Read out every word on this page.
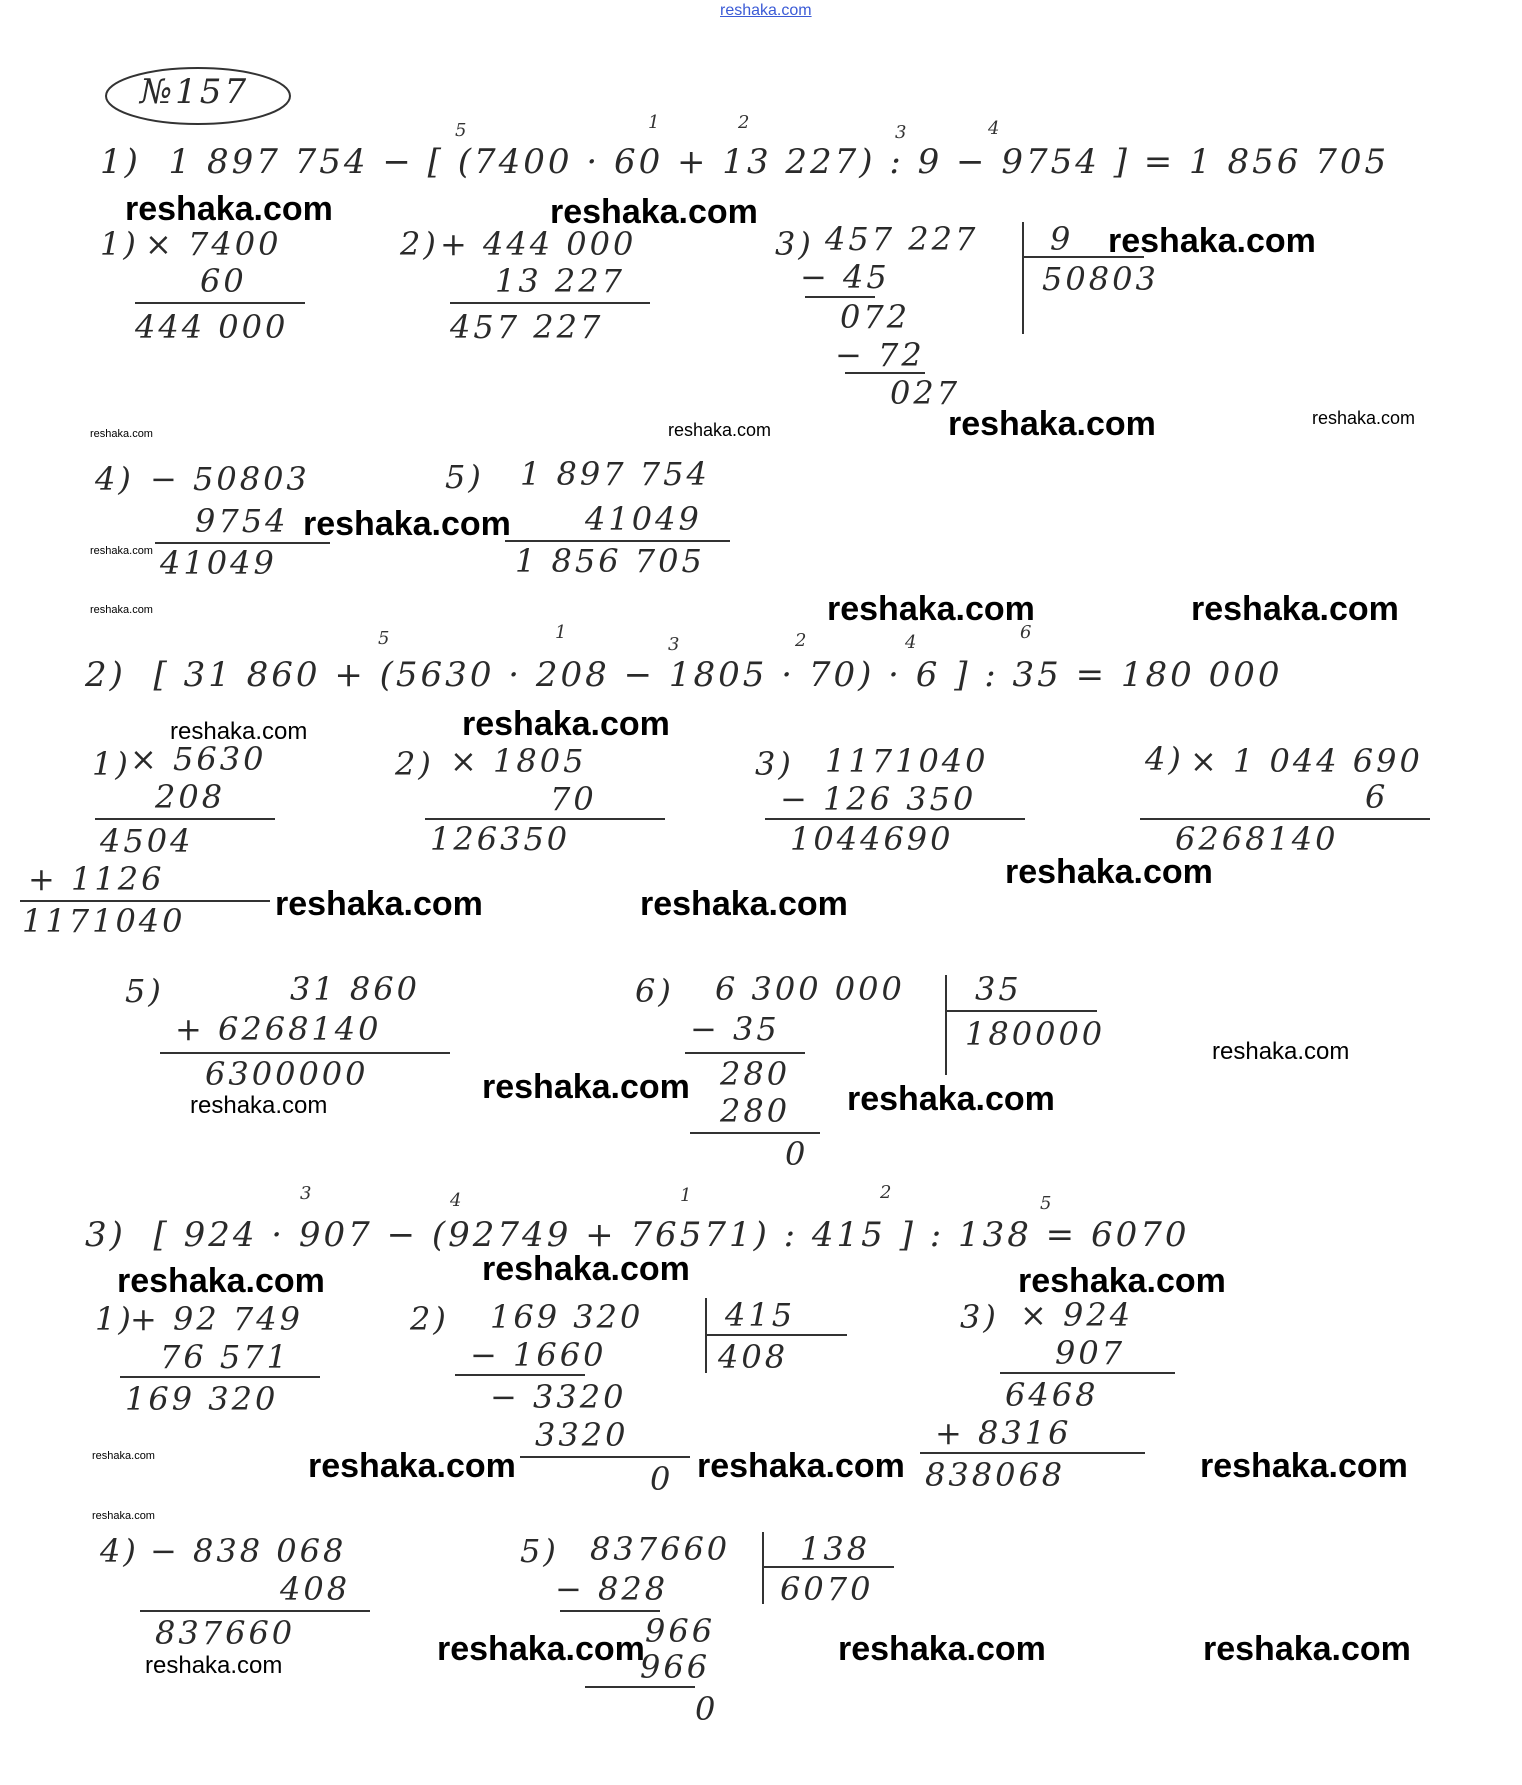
reshaka.com
№157
5	1	2	3	4
1)  1 897 754 − [ (7400 · 60 + 13 227) : 9 − 9754 ] = 1 856 705
1) × 7400
60
444 000
2) + 444 000
13 227
457 227
3) 457 227
− 45
072
− 72
027
9
50803
4) − 50803
9754
41049
5) 1 897 754
41049
1 856 705
5	1
3	2	4	6
2)  [ 31 860 + (5630 · 208 − 1805 · 70) · 6 ] : 35 = 180 000
1) × 5630
208
4504
+ 1126
1171040
2) × 1805
70
126350
3) 1171040
− 126 350
1044690
4) × 1 044 690
6
6268140
5)	31 860
+ 6268140
6300000
6) 6 300 000
− 35
280
280
0
35
180000
3	4	1	2
5
3)  [ 924 · 907 − (92749 + 76571) : 415 ] : 138 = 6070
1)
+ 92 749
76 571
169 320
2) 169 320
− 1660
− 3320
3320
0
415
408
3) × 924
907
6468
+ 8316
838068
4) − 838 068
408
837660
5) 837660
− 828
966
966
0
138
6070
reshaka.com	reshaka.com
reshaka.com
reshaka.com	reshaka.com	reshaka.com	reshaka.com
reshaka.com
reshaka.com
reshaka.com	reshaka.com	reshaka.com
reshaka.com	reshaka.com
reshaka.com
reshaka.com	reshaka.com
reshaka.com
reshaka.com
reshaka.com	reshaka.com
reshaka.com
reshaka.com	reshaka.com
reshaka.com	reshaka.com	reshaka.com	reshaka.com
reshaka.com
reshaka.com	reshaka.com	reshaka.com
reshaka.com
